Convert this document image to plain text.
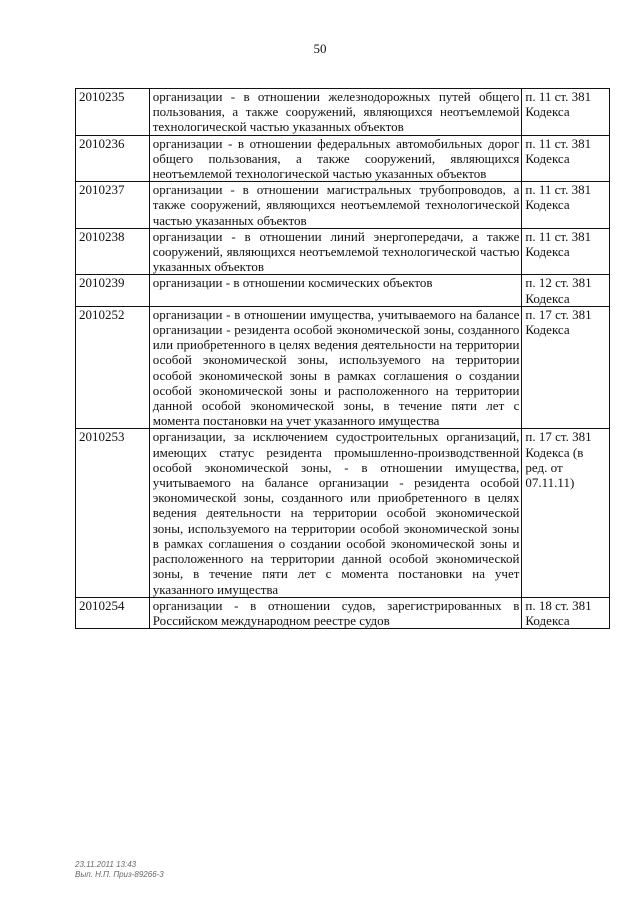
50
2010235	организации - в отношении железнодорожных путей общего пользования, а также сооружений, являющихся неотъемлемой технологической частью указанных объектов	п. 11 ст. 381 Кодекса
2010236	организации - в отношении федеральных автомобильных дорог общего пользования, а также сооружений, являющихся неотъемлемой технологической частью указанных объектов	п. 11 ст. 381 Кодекса
2010237	организации - в отношении магистральных трубопроводов, а также сооружений, являющихся неотъемлемой технологической частью указанных объектов	п. 11 ст. 381 Кодекса
2010238	организации - в отношении линий энергопередачи, а также сооружений, являющихся неотъемлемой технологической частью указанных объектов	п. 11 ст. 381 Кодекса
2010239	организации - в отношении космических объектов	п. 12 ст. 381 Кодекса
2010252	организации - в отношении имущества, учитываемого на балансе организации - резидента особой экономической зоны, созданного или приобретенного в целях ведения деятельности на территории особой экономической зоны, используемого на территории особой экономической зоны в рамках соглашения о создании особой экономической зоны и расположенного на территории данной особой экономической зоны, в течение пяти лет с момента постановки на учет указанного имущества	п. 17 ст. 381 Кодекса
2010253	организации, за исключением судостроительных организаций, имеющих статус резидента промышленно-производственной особой экономической зоны, - в отношении имущества, учитываемого на балансе организации - резидента особой экономической зоны, созданного или приобретенного в целях ведения деятельности на территории особой экономической зоны, используемого на территории особой экономической зоны в рамках соглашения о создании особой экономической зоны и расположенного на территории данной особой экономической зоны, в течение пяти лет с момента постановки на учет указанного имущества	п. 17 ст. 381 Кодекса (в ред. от 07.11.11)
2010254	организации - в отношении судов, зарегистрированных в Российском международном реестре судов	п. 18 ст. 381 Кодекса
23.11.2011 13:43
Вып. Н.П. Приз-89266-3
